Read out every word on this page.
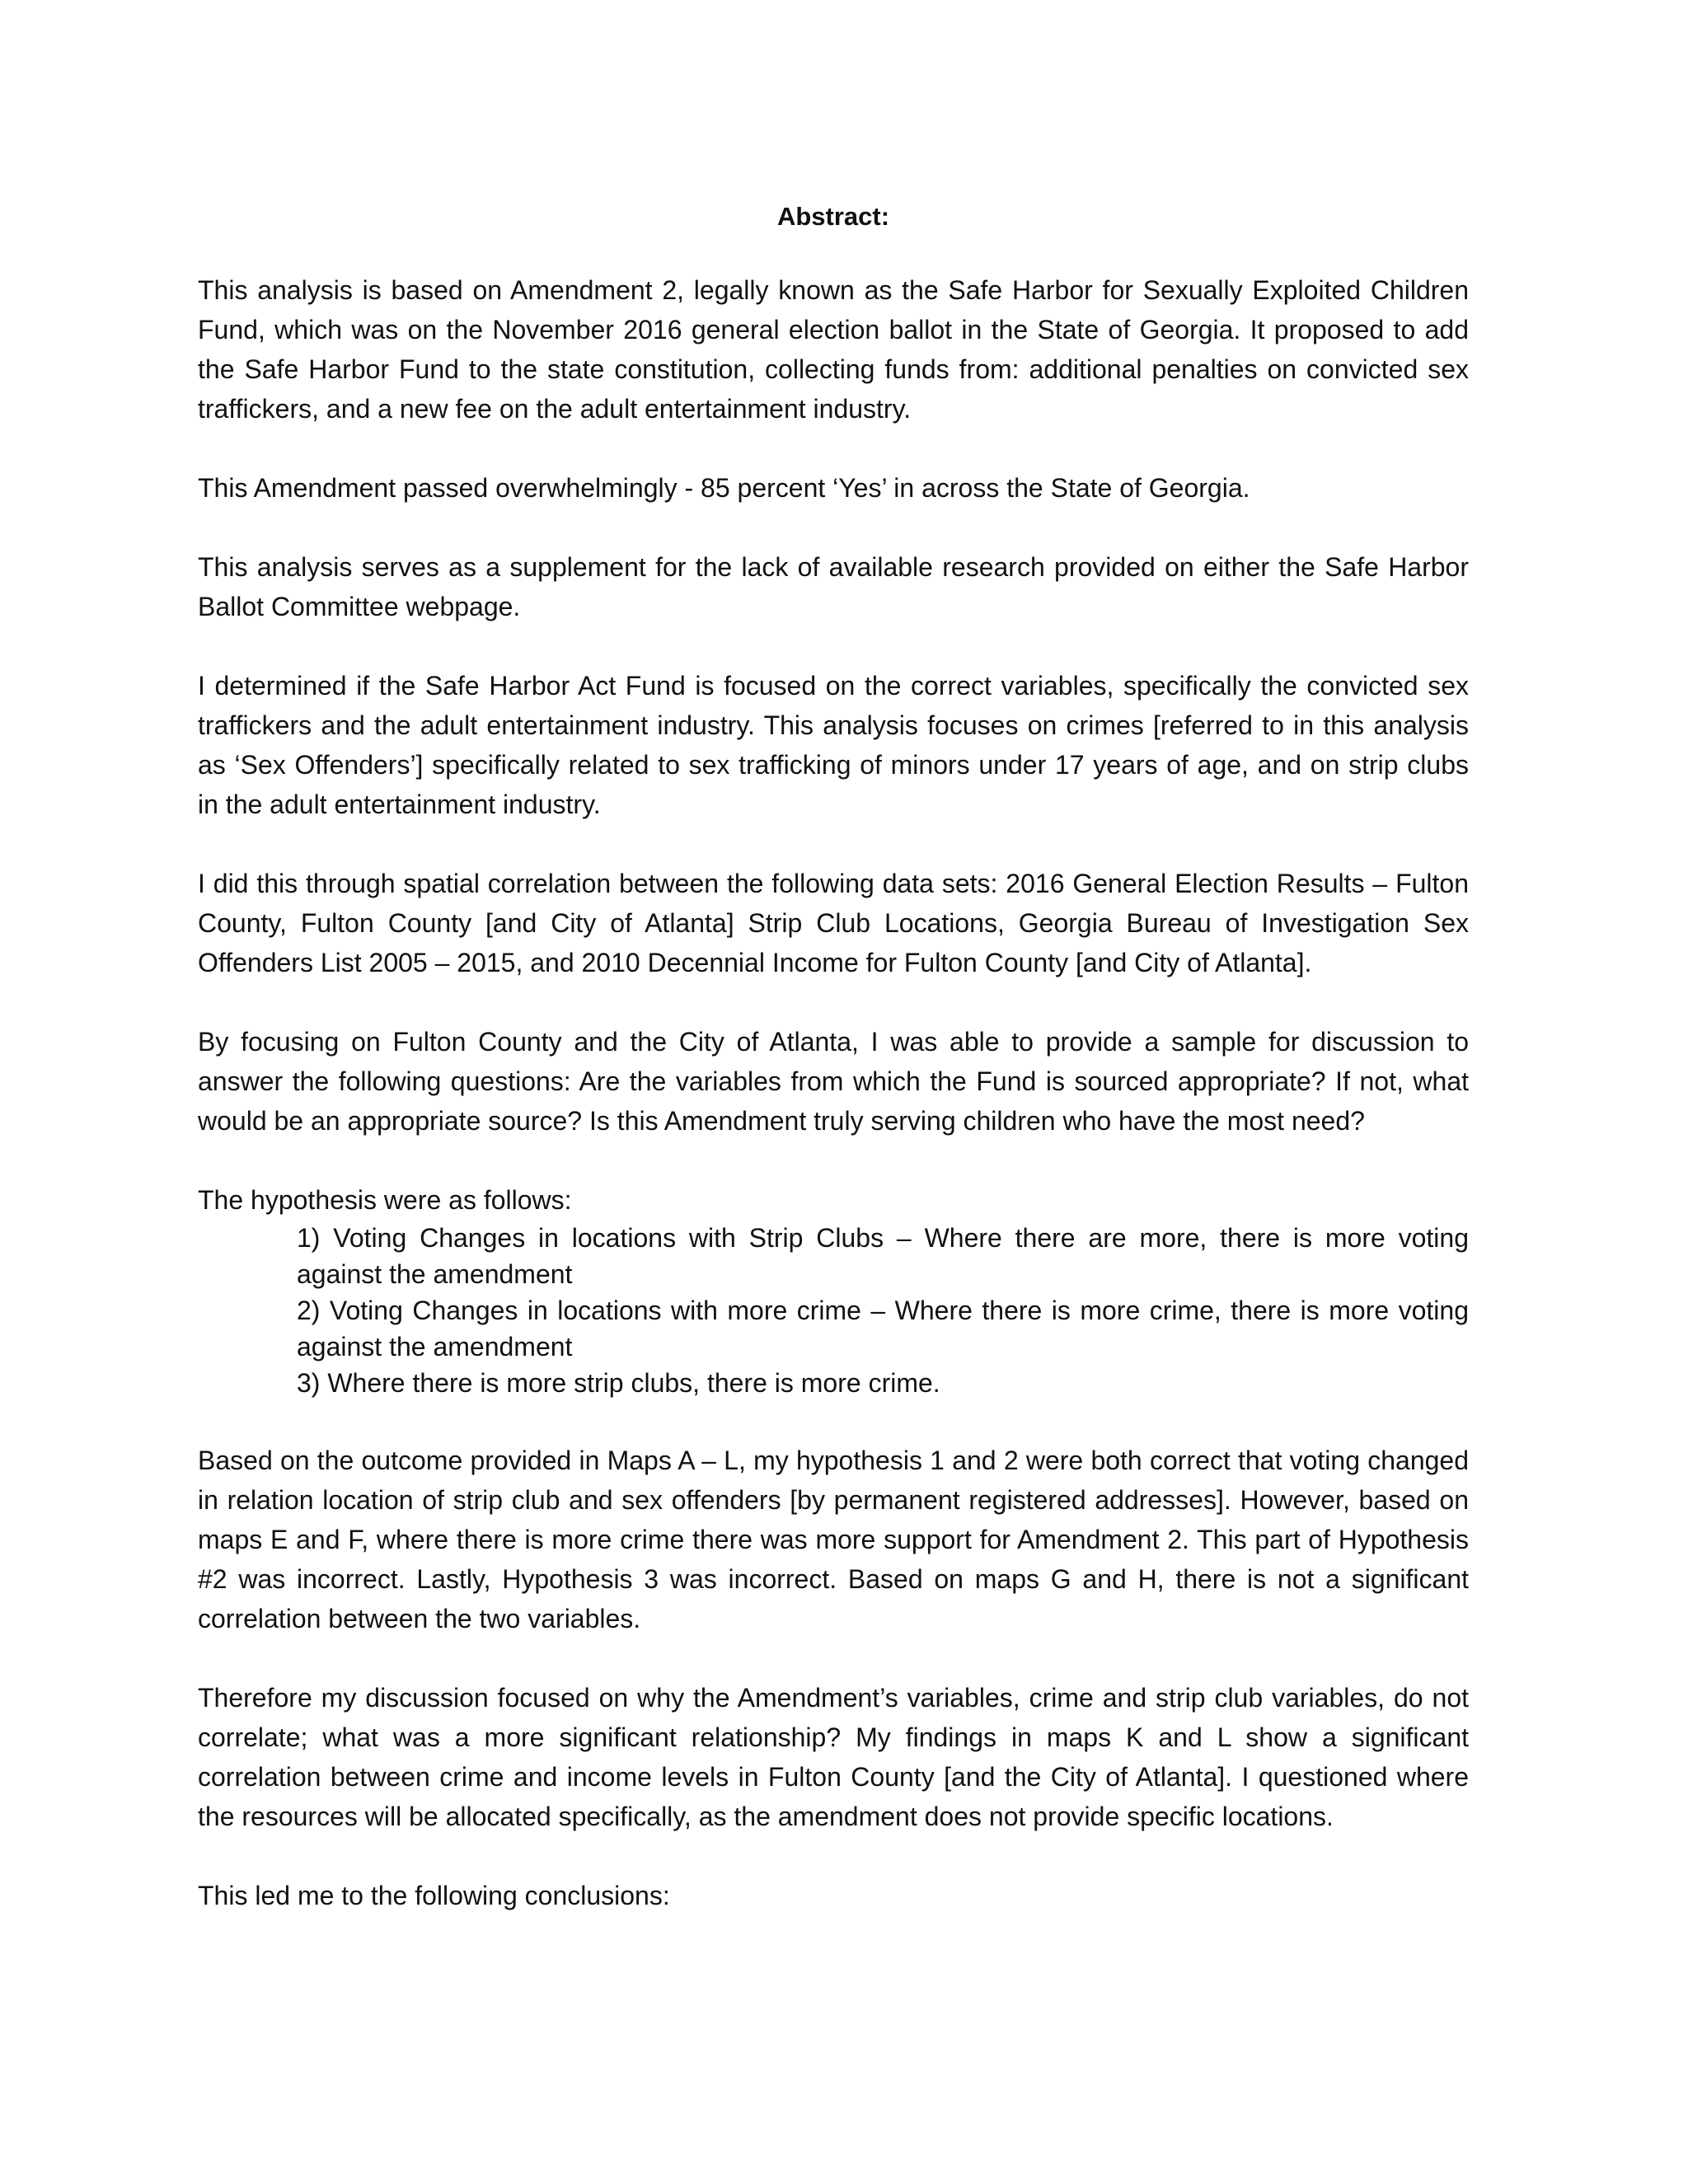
Abstract:

This analysis is based on Amendment 2, legally known as the Safe Harbor for Sexually Exploited Children Fund, which was on the November 2016 general election ballot in the State of Georgia. It proposed to add the Safe Harbor Fund to the state constitution, collecting funds from: additional penalties on convicted sex traffickers, and a new fee on the adult entertainment industry.

This Amendment passed overwhelmingly - 85 percent ‘Yes’ in across the State of Georgia.

This analysis serves as a supplement for the lack of available research provided on either the Safe Harbor Ballot Committee webpage.

I determined if the Safe Harbor Act Fund is focused on the correct variables, specifically the convicted sex traffickers and the adult entertainment industry. This analysis focuses on crimes [referred to in this analysis as ‘Sex Offenders’] specifically related to sex trafficking of minors under 17 years of age, and on strip clubs in the adult entertainment industry.

I did this through spatial correlation between the following data sets: 2016 General Election Results – Fulton County, Fulton County [and City of Atlanta] Strip Club Locations, Georgia Bureau of Investigation Sex Offenders List 2005 – 2015, and 2010 Decennial Income for Fulton County [and City of Atlanta].

By focusing on Fulton County and the City of Atlanta, I was able to provide a sample for discussion to answer the following questions: Are the variables from which the Fund is sourced appropriate? If not, what would be an appropriate source? Is this Amendment truly serving children who have the most need?

The hypothesis were as follows:

1) Voting Changes in locations with Strip Clubs – Where there are more, there is more voting against the amendment
2) Voting Changes in locations with more crime – Where there is more crime, there is more voting against the amendment
3) Where there is more strip clubs, there is more crime.

Based on the outcome provided in Maps A – L, my hypothesis 1 and 2 were both correct that voting changed in relation location of strip club and sex offenders [by permanent registered addresses]. However, based on maps E and F, where there is more crime there was more support for Amendment 2. This part of Hypothesis #2 was incorrect. Lastly, Hypothesis 3 was incorrect. Based on maps G and H, there is not a significant correlation between the two variables.

Therefore my discussion focused on why the Amendment’s variables, crime and strip club variables, do not correlate; what was a more significant relationship? My findings in maps K and L show a significant correlation between crime and income levels in Fulton County [and the City of Atlanta]. I questioned where the resources will be allocated specifically, as the amendment does not provide specific locations.

This led me to the following conclusions:
